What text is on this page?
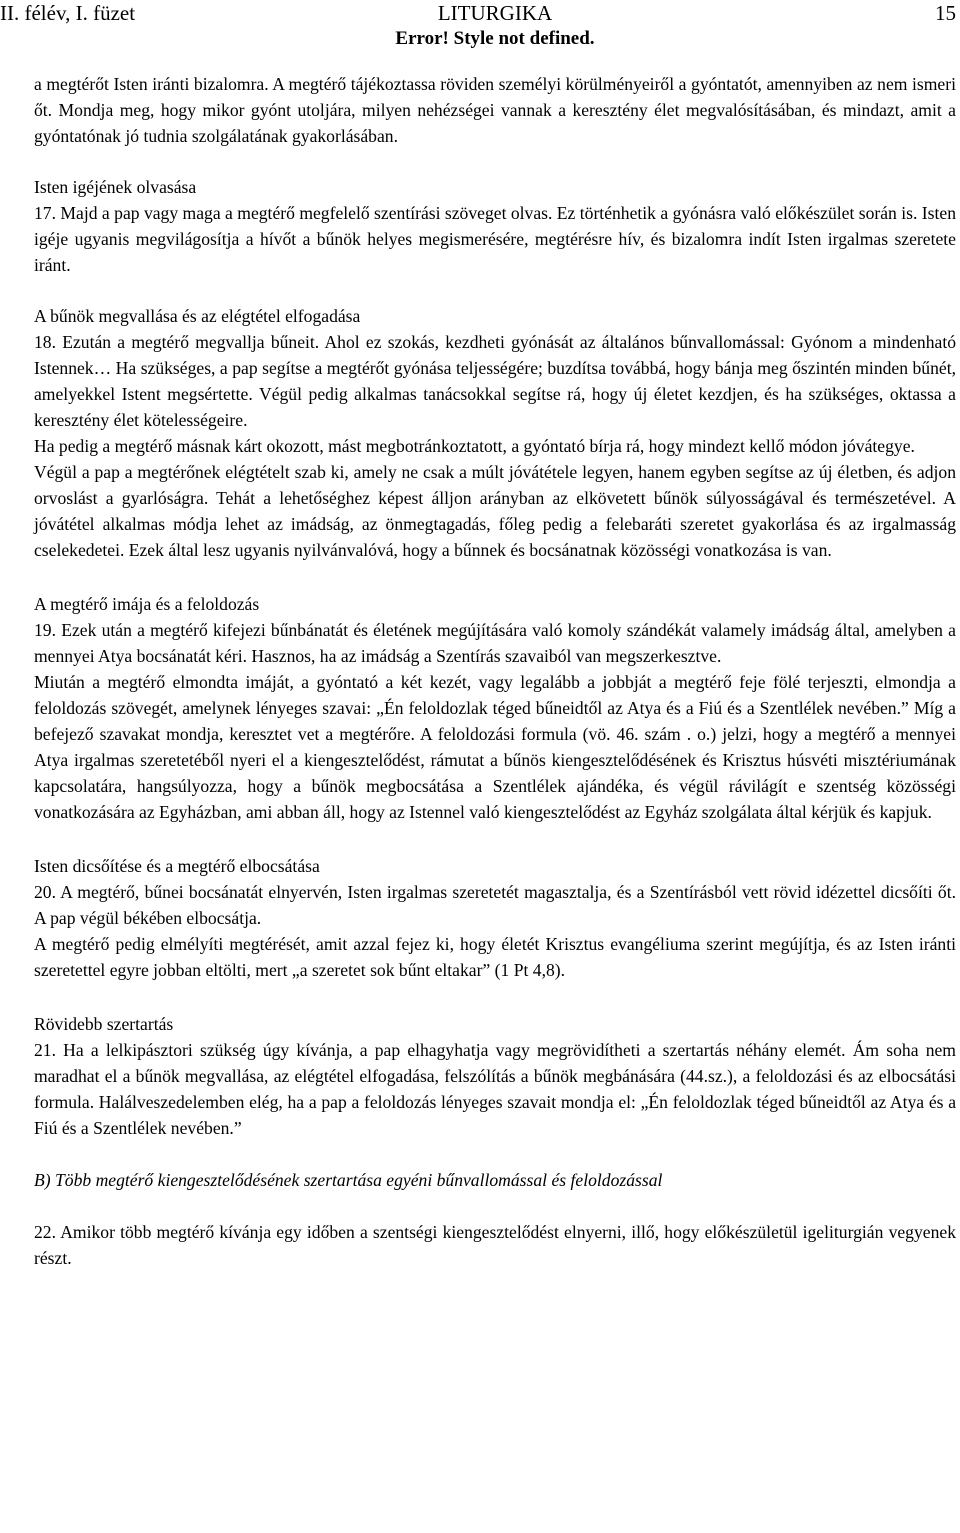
II. félév, I. füzet	LITURGIKA	15
Error! Style not defined.

a megtérőt Isten iránti bizalomra. A megtérő tájékoztassa röviden személyi körülményeiről a gyóntatót, amennyiben az nem ismeri őt. Mondja meg, hogy mikor gyónt utoljára, milyen nehézségei vannak a keresztény élet megvalósításában, és mindazt, amit a gyóntatónak jó tudnia szolgálatának gyakorlásában.

Isten igéjének olvasása

17. Majd a pap vagy maga a megtérő megfelelő szentírási szöveget olvas. Ez történhetik a gyónásra való előkészület során is. Isten igéje ugyanis megvilágosítja a hívőt a bűnök helyes megismerésére, megtérésre hív, és bizalomra indít Isten irgalmas szeretete iránt.

A bűnök megvallása és az elégtétel elfogadása

18. Ezután a megtérő megvallja bűneit. Ahol ez szokás, kezdheti gyónását az általános bűnvallomással: Gyónom a mindenható Istennek… Ha szükséges, a pap segítse a megtérőt gyónása teljességére; buzdítsa továbbá, hogy bánja meg őszintén minden bűnét, amelyekkel Istent megsértette. Végül pedig alkalmas tanácsokkal segítse rá, hogy új életet kezdjen, és ha szükséges, oktassa a keresztény élet kötelességeire.

Ha pedig a megtérő másnak kárt okozott, mást megbotránkoztatott, a gyóntató bírja rá, hogy mindezt kellő módon jóvátegye.

Végül a pap a megtérőnek elégtételt szab ki, amely ne csak a múlt jóvátétele legyen, hanem egyben segítse az új életben, és adjon orvoslást a gyarlóságra. Tehát a lehetőséghez képest álljon arányban az elkövetett bűnök súlyosságával és természetével. A jóvátétel alkalmas módja lehet az imádság, az önmegtagadás, főleg pedig a felebaráti szeretet gyakorlása és az irgalmasság cselekedetei. Ezek által lesz ugyanis nyilvánvalóvá, hogy a bűnnek és bocsánatnak közösségi vonatkozása is van.

A megtérő imája és a feloldozás

19. Ezek után a megtérő kifejezi bűnbánatát és életének megújítására való komoly szándékát valamely imádság által, amelyben a mennyei Atya bocsánatát kéri. Hasznos, ha az imádság a Szentírás szavaiból van megszerkesztve.

Miután a megtérő elmondta imáját, a gyóntató a két kezét, vagy legalább a jobbját a megtérő feje fölé terjeszti, elmondja a feloldozás szövegét, amelynek lényeges szavai: „Én feloldozlak téged bűneidtől az Atya és a Fiú és a Szentlélek nevében.” Míg a befejező szavakat mondja, keresztet vet a megtérőre. A feloldozási formula (vö. 46. szám . o.) jelzi, hogy a megtérő a mennyei Atya irgalmas szeretetéből nyeri el a kiengesztelődést, rámutat a bűnös kiengesztelődésének és Krisztus húsvéti misztériumának kapcsolatára, hangsúlyozza, hogy a bűnök megbocsátása a Szentlélek ajándéka, és végül rávilágít e szentség közösségi vonatkozására az Egyházban, ami abban áll, hogy az Istennel való kiengesztelődést az Egyház szolgálata által kérjük és kapjuk.

Isten dicsőítése és a megtérő elbocsátása

20. A megtérő, bűnei bocsánatát elnyervén, Isten irgalmas szeretetét magasztalja, és a Szentírásból vett rövid idézettel dicsőíti őt. A pap végül békében elbocsátja.

A megtérő pedig elmélyíti megtérését, amit azzal fejez ki, hogy életét Krisztus evangéliuma szerint megújítja, és az Isten iránti szeretettel egyre jobban eltölti, mert „a szeretet sok bűnt eltakar” (1 Pt 4,8).

Rövidebb szertartás

21. Ha a lelkipásztori szükség úgy kívánja, a pap elhagyhatja vagy megrövidítheti a szertartás néhány elemét. Ám soha nem maradhat el a bűnök megvallása, az elégtétel elfogadása, felszólítás a bűnök megbánására (44.sz.), a feloldozási és az elbocsátási formula. Halálveszedelemben elég, ha a pap a feloldozás lényeges szavait mondja el: „Én feloldozlak téged bűneidtől az Atya és a Fiú és a Szentlélek nevében.”

B) Több megtérő kiengesztelődésének szertartása egyéni bűnvallomással és feloldozással

22. Amikor több megtérő kívánja egy időben a szentségi kiengesztelődést elnyerni, illő, hogy előkészületül igeliturgián vegyenek részt.
